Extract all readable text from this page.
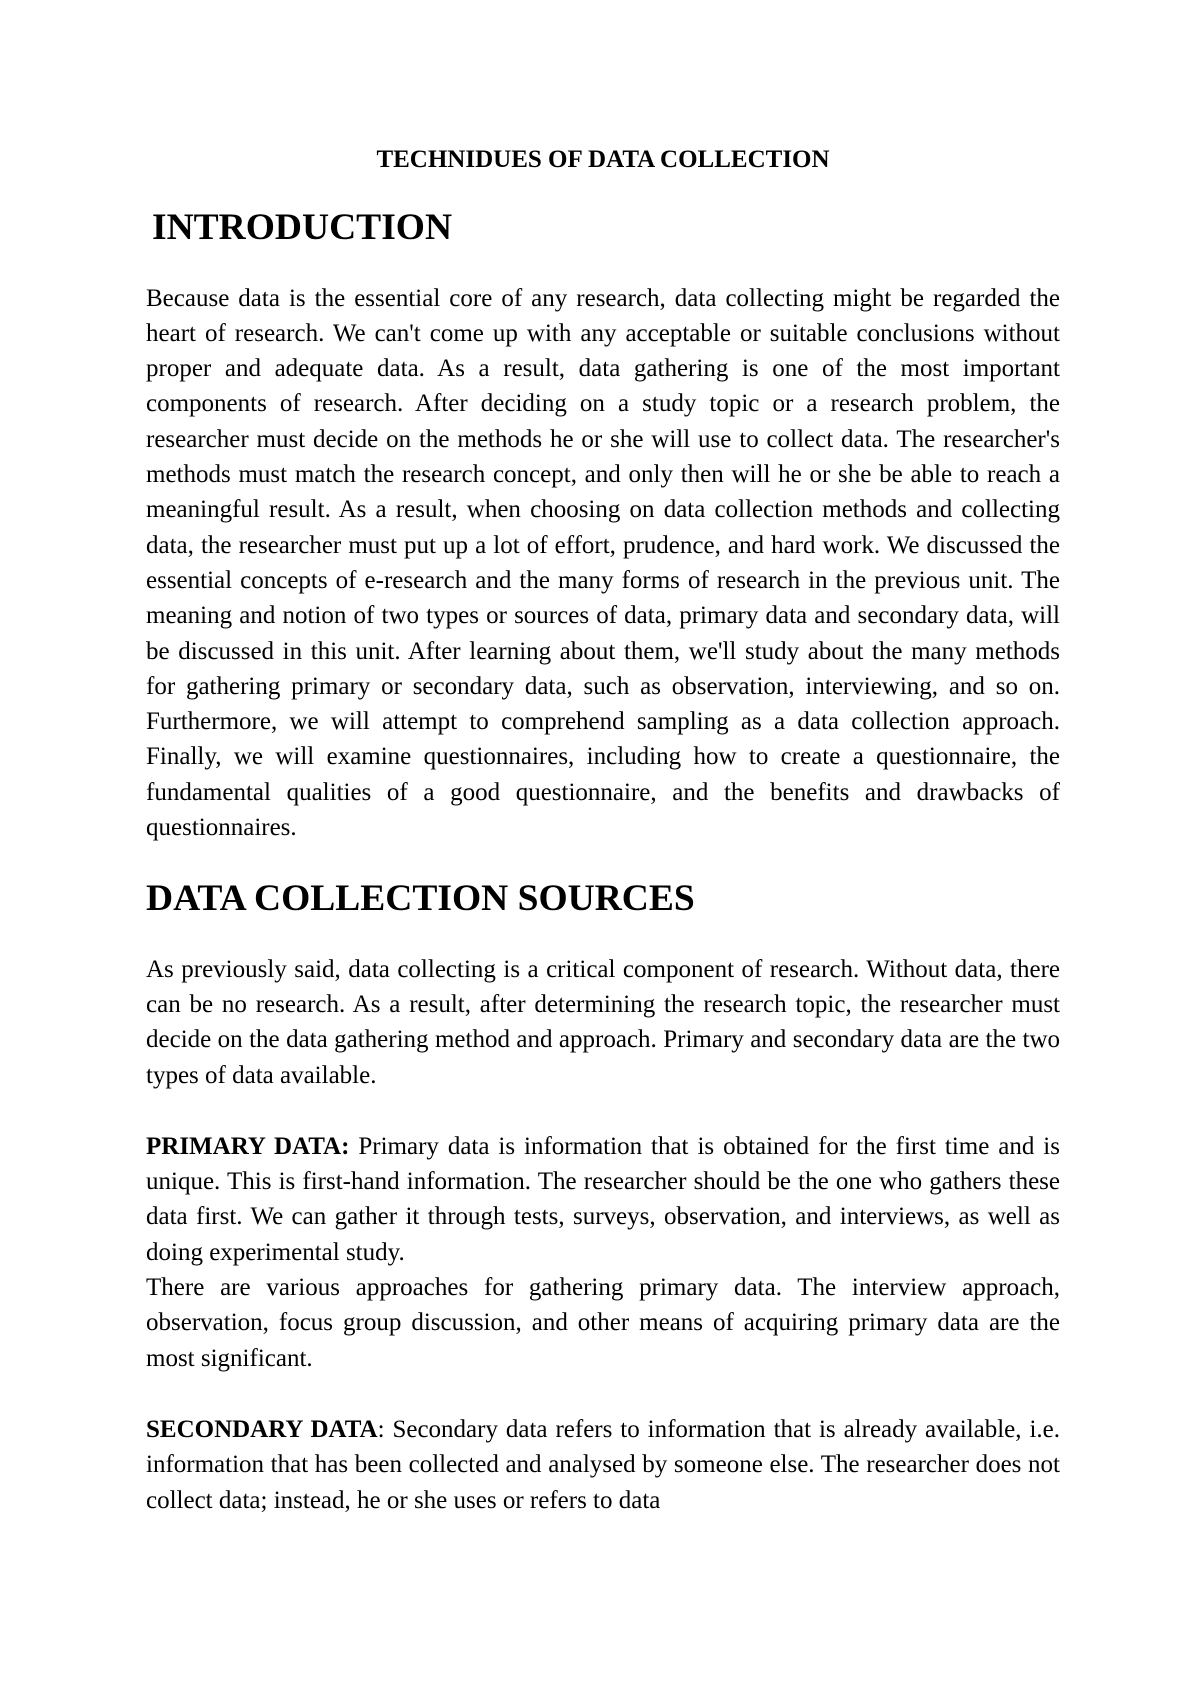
TECHNIDUES OF DATA COLLECTION
INTRODUCTION

Because data is the essential core of any research, data collecting might be regarded the heart of research. We can't come up with any acceptable or suitable conclusions without proper and adequate data. As a result, data gathering is one of the most important components of research. After deciding on a study topic or a research problem, the researcher must decide on the methods he or she will use to collect data. The researcher's methods must match the research concept, and only then will he or she be able to reach a meaningful result. As a result, when choosing on data collection methods and collecting data, the researcher must put up a lot of effort, prudence, and hard work. We discussed the essential concepts of e-research and the many forms of research in the previous unit. The meaning and notion of two types or sources of data, primary data and secondary data, will be discussed in this unit. After learning about them, we'll study about the many methods for gathering primary or secondary data, such as observation, interviewing, and so on. Furthermore, we will attempt to comprehend sampling as a data collection approach. Finally, we will examine questionnaires, including how to create a questionnaire, the fundamental qualities of a good questionnaire, and the benefits and drawbacks of questionnaires.

DATA COLLECTION SOURCES

As previously said, data collecting is a critical component of research. Without data, there can be no research. As a result, after determining the research topic, the researcher must decide on the data gathering method and approach. Primary and secondary data are the two types of data available.

PRIMARY DATA: Primary data is information that is obtained for the first time and is unique. This is first-hand information. The researcher should be the one who gathers these data first. We can gather it through tests, surveys, observation, and interviews, as well as doing experimental study.

There are various approaches for gathering primary data. The interview approach, observation, focus group discussion, and other means of acquiring primary data are the most significant.

SECONDARY DATA: Secondary data refers to information that is already available, i.e. information that has been collected and analysed by someone else. The researcher does not collect data; instead, he or she uses or refers to data
